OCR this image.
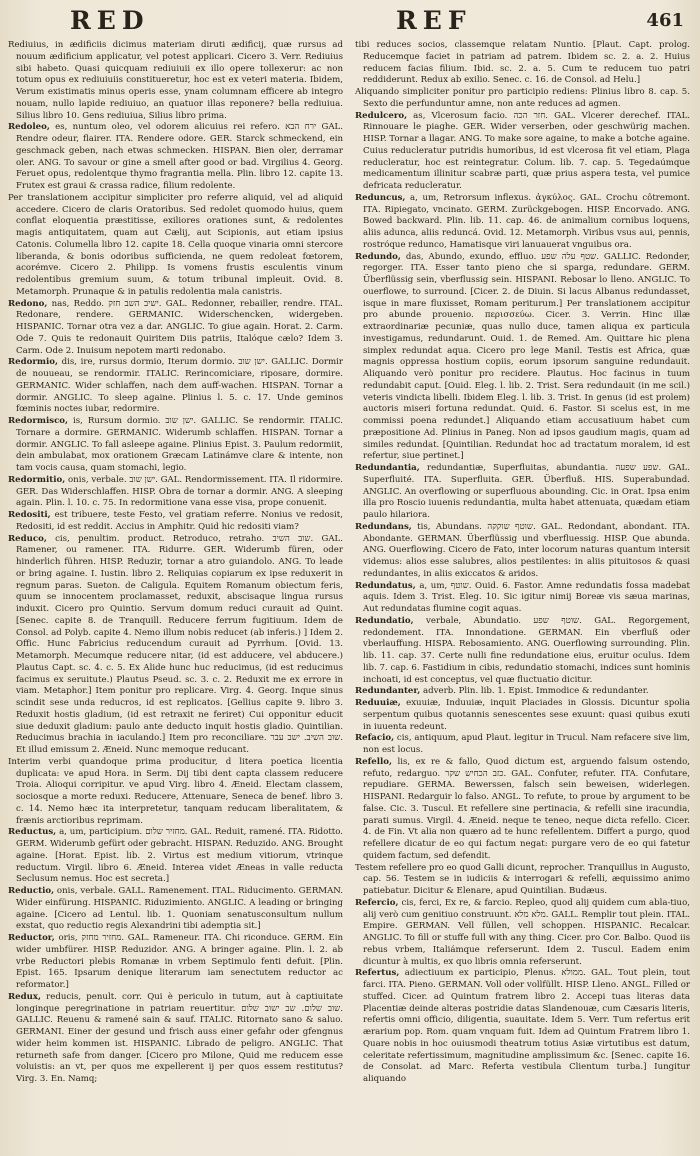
RED	REF	461

Rediuius, in ædificiis dicimus materiam diruti ædificij, quæ rursus ad nouum ædificium applicatur, vel potest applicari. Cicero 3. Verr. Rediuius sibi habeto. Quasi quicquam rediuiuii ex illo opere tollexerur: ac non totum opus ex rediuiuiis constitueretur, hoc est ex veteri materia. Ibidem, Verum existimatis minus operis esse, ynam columnam efficere ab integro nouam, nullo lapide rediuiuo, an quatuor illas reponere? bella rediuiua. Silius libro 10. Gens rediuiua, Silius libro prima.

Redoleo, es, nuntum oleo, vel odorem alicuius rei refero. ירח הבא GAL. Rendre odeur, flairer. ITA. Rendere odore. GER. Starck schmeckend, ein geschmack geben, nach etwas schmecken. HISPAN. Bien oler, derramar oler. ANG. To savour or gine a smell after good or bad. Virgilius 4. Georg. Feruet opus, redolentque thymo fragrantia mella. Plin. libro 12. capite 13. Frutex est graui & crassa radice, filium redolente.

Per translationem accipitur simpliciter pro referre aliquid, vel ad aliquid accedere. Cicero de claris Oratoribus. Sed redolet quomodo huius, quem conflat eloquentia præstitisse, exiliores orationes sunt, & redolentes magis antiquitatem, quam aut Cælij, aut Scipionis, aut etiam ipsius Catonis. Columella libro 12. capite 18. Cella quoque vinaria omni stercore liberanda, & bonis odoribus sufficienda, ne quem redoleat fœtorem, acorémve. Cicero 2. Philipp. Is vomens frustis esculentis vinum redolentibus gremium suum, & totum tribunal impleuit. Ovid. 8. Metamorph. Prunaque & in patulis redolentia mala canistris.

Redono, nas, Reddo. ישיב השב חזק. GAL. Redonner, rebailler, rendre. ITAL. Redonare, rendere. GERMANIC. Widerschencken, widergeben. HISPANIC. Tornar otra vez a dar. ANGLIC. To giue again. Horat. 2. Carm. Ode 7. Quis te redonauit Quiritem Diis patriis, Italóque cælo? Idem 3. Carm. Ode 2. Inuisum nepotem marti redonabo.

Redormio, dis, ire, rursus dormio, Iterum dormio. ישן שוב. GALLIC. Dormir de nouueau, se rendormir. ITALIC. Rerincomiciare, riposare, dormire. GERMANIC. Wider schlaffen, nach dem auff-wachen. HISPAN. Tornar a dormir. ANGLIC. To sleep againe. Plinius l. 5. c. 17. Unde geminos fœminis noctes iubar, redormire.

Redormisco, is, Rursum dormio. ישן שוב. GALLIC. Se rendormir. ITALIC. Tornare a dormire. GERMANIC. Widerumb schlaffen. HISPAN. Tornar a dormir. ANGLIC. To fall asleepe againe. Plinius Epist. 3. Paulum redormiit, dein ambulabat, mox orationem Græcam Latinámve clare & intente, non tam vocis causa, quam stomachi, legio.

Redormitio, onis, verbale. ישן שוב. GAL. Rendormissement. ITA. Il ridormire. GER. Das Widerschlaffen. HISP. Obra de tornar a dormir. ANG. A sleeping again. Plin. l. 10. c. 75. In redormitione vana esse visa, prope conuenit.

Redositi, est tribuere, teste Festo, vel gratiam referre. Nonius ve redosit, Redositi, id est reddit. Accius in Amphitr. Quid hic redositi viam?

Reduco, cis, penultim. product. Retroduco, retraho. שוב השיב. GAL. Ramener, ou ramener. ITA. Ridurre. GER. Widerumb füren, oder hinderlich führen. HISP. Reduzir, tornar a atro guiandolo. ANG. To leade or bring againe. I. Iustin. libro 2. Reliquias copiarum ex ipse reduxerit in regnum paras. Sueton. de Caligula. Equitem Romanum obiectum feris, quum se innocentem proclamasset, reduxit, abscisaque lingua rursus induxit. Cicero pro Quintio. Servum domum reduci curauit ad Quint. [Senec. capite 8. de Tranquill. Reducere ferrum fugitiuum. Idem de Consol. ad Polyb. capite 4. Nemo illum nobis reducet (ab inferis.) ] Idem 2. Offic. Hunc Fabricius reducendum curauit ad Pyrrhum. [Ovid. 13. Metamorph. Mecumque reducere nitar, (id est adducere, vel abducere.) Plautus Capt. sc. 4. c. 5. Ex Alide hunc huc reducimus, (id est reducimus facimus ex seruitute.) Plautus Pseud. sc. 3. c. 2. Reduxit me ex errore in viam. Metaphor.] Item ponitur pro replicare. Virg. 4. Georg. Inque sinus scindit sese unda reducros, id est replicatos. [Gellius capite 9. libro 3. Reduxit hostis gladium, (id est retraxit ne feriret) Cui opponitur educit siue deduxit gladium: paulo ante deducto inquit hostis gladio. Quintilian. Reducimus brachia in iaculando.] Item pro reconciliare. שוב השיב. ישב עבר. Et illud emissum 2. Æneid. Nunc memoque reducant.

Interim verbi quandoque prima producitur, d litera poetica licentia duplicata: ve apud Hora. in Serm. Dij tibi dent capta classem reducere Troia. Alioqui corripitur. ve apud Virg. libro 4. Æneid. Electam classem, sociosque a morte reduxi. Reducere, Attenuare, Seneca de benef. libro 3. c. 14. Nemo hæc ita interpretetur, tanquam reducam liberalitatem, & frænis arctioribus reprimam.

Reductus, a, um, participium. מחזיר שלום. GAL. Reduit, ramené. ITA. Ridotto. GERM. Widerumb gefürt oder gebracht. HISPAN. Reduzido. ANG. Brought againe. [Horat. Epist. lib. 2. Virtus est medium vitiorum, vtrinque reductum. Virgil. libro 6. Æneid. Interea videt Æneas in valle reducta Seclusum nemus. Hoc est secreta.]

Reductio, onis, verbale. GALL. Ramenement. ITAL. Riducimento. GERMAN. Wider einfürung. HISPANIC. Riduzimiento. ANGLIC. A leading or bringing againe. [Cicero ad Lentul. lib. 1. Quoniam senatusconsultum nullum exstat, quo reductio regis Alexandrini tibi ademptia sit.]

Reductor, oris, מחזיר מחזק. GAL. Rameneur. ITA. Chi riconduce. GERM. Ein wider umbfürer. HISP. Reduzidor. ANG. A bringer againe. Plin. l. 2. ab vrbe Reductori plebis Romanæ in vrbem Septimulo fenti defuit. [Plin. Epist. 165. Ipsarum denique literarum iam senectutem reductor ac reformator.]

Redux, reducis, penult. corr. Qui è periculo in tutum, aut à captiuitate longinque peregrinatione in patriam reuertitur. שוב שלום. שב ישוב שלום. GALLIC. Reuenu & ramené sain & sauf. ITALIC. Ritornato sano & saluo. GERMANI. Einer der gesund und frisch auss einer gefahr oder gfengnus wider heim kommen ist. HISPANIC. Librado de peligro. ANGLIC. That returneth safe from danger. [Cicero pro Milone, Quid me reducem esse voluistis: an vt, per quos me expellerent ij per quos essem restitutus? Virg. 3. En. Namq;

tibi reduces socios, classemque relatam Nuntio. [Plaut. Capt. prolog. Reducemque faciet in patriam ad patrem. Ibidem sc. 2. a. 2. Huius reducem facias filium. Ibid. sc. 2. a. 5. Cum te reducem tuo patri reddiderunt. Redux ab exilio. Senec. c. 16. de Consol. ad Helu.]

Aliquando simpliciter ponitur pro participio rediens: Plinius libro 8. cap. 5. Sexto die perfunduntur amne, non ante reduces ad agmen.

Redulcero, as, Vlcerosum facio. חזר הכה. GAL. Vlcerer derechef. ITAL. Rinnouare le piaghe. GER. Wider verserben, oder geschwürig machen. HISP. Tornar a llagar. ANG. To make sore againe, to make a botche againe. Cuius reducleratur putridis humoribus, id est vlcerosa fit vel etiam, Plaga reducleratur, hoc est reintegratur. Colum. lib. 7. cap. 5. Tegedaúmque medicamentum illinitur scabræ parti, quæ prius aspera testa, vel pumice defricata reducleratur.

Reduncus, a, um, Retrorsum inflexus. ἀγκύλος. GAL. Crochu côtremont. ITA. Ripiegato, vncinato. GERM. Zurückgebogen. HISP. Encorvado. ANG. Bowed backward. Plin. lib. 11. cap. 46. de animalium cornibus loquens, aliis adunca, aliis reduncá. Ovid. 12. Metamorph. Viribus vsus aui, pennis, rostróque redunco, Hamatisque viri lanuauerat vnguibus ora.

Redundo, das, Abundo, exundo, effluo. שטף עלה שפע. GALLIC. Redonder, regorger. ITA. Esser tanto pieno che si sparga, redundare. GERM. Überflüssig sein, vberflussig sein. HISPANI. Rebosar lo lleno. ANGLIC. To ouerflowe, to surround. [Cicer. 2. de Diuin. Si lacus Albanus redundasset, isque in mare fluxisset, Romam periturum.] Per translationem accipitur pro abunde prouenio. περισσεύω. Cicer. 3. Verrin. Hinc illæ extraordinariæ pecuniæ, quas nullo duce, tamen aliqua ex particula investigamus, redundarunt. Ouid. 1. de Remed. Am. Quittare hic plena simplex redundat aqua. Cicero pro lege Manil. Testis est Africa, quæ magnis oppressa hostium copiis, eorum ipsorum sanguine redundauit. Aliquando verò ponitur pro recidere. Plautus. Hoc facinus in tuum redundabit caput. [Ouid. Eleg. l. lib. 2. Trist. Sera redundauit (in me scil.) veteris vindicta libelli. Ibidem Eleg. l. lib. 3. Trist. In genus (id est prolem) auctoris miseri fortuna redundat. Quid. 6. Fastor. Si scelus est, in me commissi poena redundet.] Aliquando etiam accusatiuum habet cum præpositione Ad. Plinius in Paneg. Non ad ipsos gaudium magis, quam ad similes redundat. [Quintilian. Redundat hoc ad tractatum moralem, id est refertur, siue pertinet.]

Redundantia, redundantiæ, Superfluitas, abundantia. שפע שפעה. GAL. Superfluité. ITA. Superfluita. GER. Überfluß. HIS. Superabundad. ANGLIC. An overflowing or superfluous abounding. Cic. in Orat. Ipsa enim illa pro Roscio iuuenis redundantia, multa habet attenuata, quædam etiam paulo hilariora.

Redundans, tis, Abundans. שוטף שוקקה. GAL. Redondant, abondant. ITA. Abondante. GERMAN. Überflüssig und vberfluessig. HISP. Que abunda. ANG. Ouerflowing. Cicero de Fato, inter locorum naturas quantum intersit videmus: alios esse salubres, alios pestilentes: in aliis pituitosos & quasi redundantes, in aliis exiccatos & aridos.

Redundatus, a, um, שוטף. Ouid. 6. Fastor. Amne redundatis fossa madebat aquis. Idem 3. Trist. Eleg. 10. Sic igitur nimij Boreæ vis sæua marinas, Aut redundatas flumine cogit aquas.

Redundatio, verbale, Abundatio. שוטף שפע. GAL. Regorgement, redondement. ITA. Innondatione. GERMAN. Ein vberfluß oder vberlauffung. HISPA. Rebosamiento. ANG. Ouerflowing surrounding. Plin. lib. 11. cap. 37. Certe nulli fine redundatione eius, eruitur oculus. Idem lib. 7. cap. 6. Fastidium in cibis, redundatio stomachi, indices sunt hominis inchoati, id est conceptus, vel quæ fluctuatio dicitur.

Redundanter, adverb. Plin. lib. 1. Epist. Immodice & redundanter.

Reduuiæ, exuuiæ, Induuiæ, inquit Placiades in Glossis. Dicuntur spolia serpentum quibus quotannis senescentes sese exuunt: quasi quibus exuti in iuuenta redeunt.

Refacio, cis, antiquum, apud Plaut. legitur in Trucul. Nam refacere sive lim, non est locus.

Refello, lis, ex re & fallo, Quod dictum est, arguendo falsum ostendo, refuto, redarguo. כזב הכחיש שקר. GAL. Confuter, refuter. ITA. Confutare, repudiare. GERMA. Bewerssen, falsch sein beweisen, widerlegen. HISPANI. Redarguir lo falso. ANGL. To refute, to proue by argument to be false. Cic. 3. Tuscul. Et refellere sine pertinacia, & refelli sine iracundia, parati sumus. Virgil. 4. Æneid. neque te teneo, neque dicta refello. Cicer. 4. de Fin. Vt alia non quæro ad te hunc refellentem. Differt a purgo, quod refellere dicatur de eo qui factum negat: purgare vero de eo qui fatetur quidem factum, sed defendit.

Testem refellere pro eo quod Galli dicunt, reprocher. Tranquillus in Augusto, cap. 56. Testem se in iudiciis & interrogari & refelli, æquissimo animo patiebatur. Dicitur & Elenare, apud Quintilian. Budæus.

Refercio, cis, ferci, Ex re, & farcio. Repleo, quod alij quidem cum abla-tiuo, alij verò cum genitiuo construunt. מלא מלא. GALL. Remplir tout plein. ITAL. Empire. GERMAN. Vell füllen, vell schoppen. HISPANIC. Recalcar. ANGLIC. To fill or stuffe full with any thing. Cicer. pro Cor. Balbo. Quod iis rebus vrbem, Italiámque referserunt. Idem 2. Tuscul. Eadem enim dicuntur à multis, ex quo libris omnia referserunt.

Refertus, adiectiuum ex participio, Plenus. ממולא. GAL. Tout plein, tout farci. ITA. Pieno. GERMAN. Voll oder vollfüllt. HISP. Lleno. ANGL. Filled or stuffed. Cicer. ad Quintum fratrem libro 2. Accepi tuas literas data Placentiæ deinde alteras postridie datas Slandenouæ, cum Cæsaris literis, refertis omni officio, diligentia, suauitate. Idem 5. Verr. Tum refertus erit ærarium pop. Rom. quam vnquam fuit. Idem ad Quintum Fratrem libro 1. Quare nobis in hoc ouiusmodi theatrum totius Asiæ virtutibus est datum, celeritate refertissimum, magnitudine amplissimum &c. [Senec. capite 16. de Consolat. ad Marc. Referta vestibula Clientum turba.] Iungitur aliquando
